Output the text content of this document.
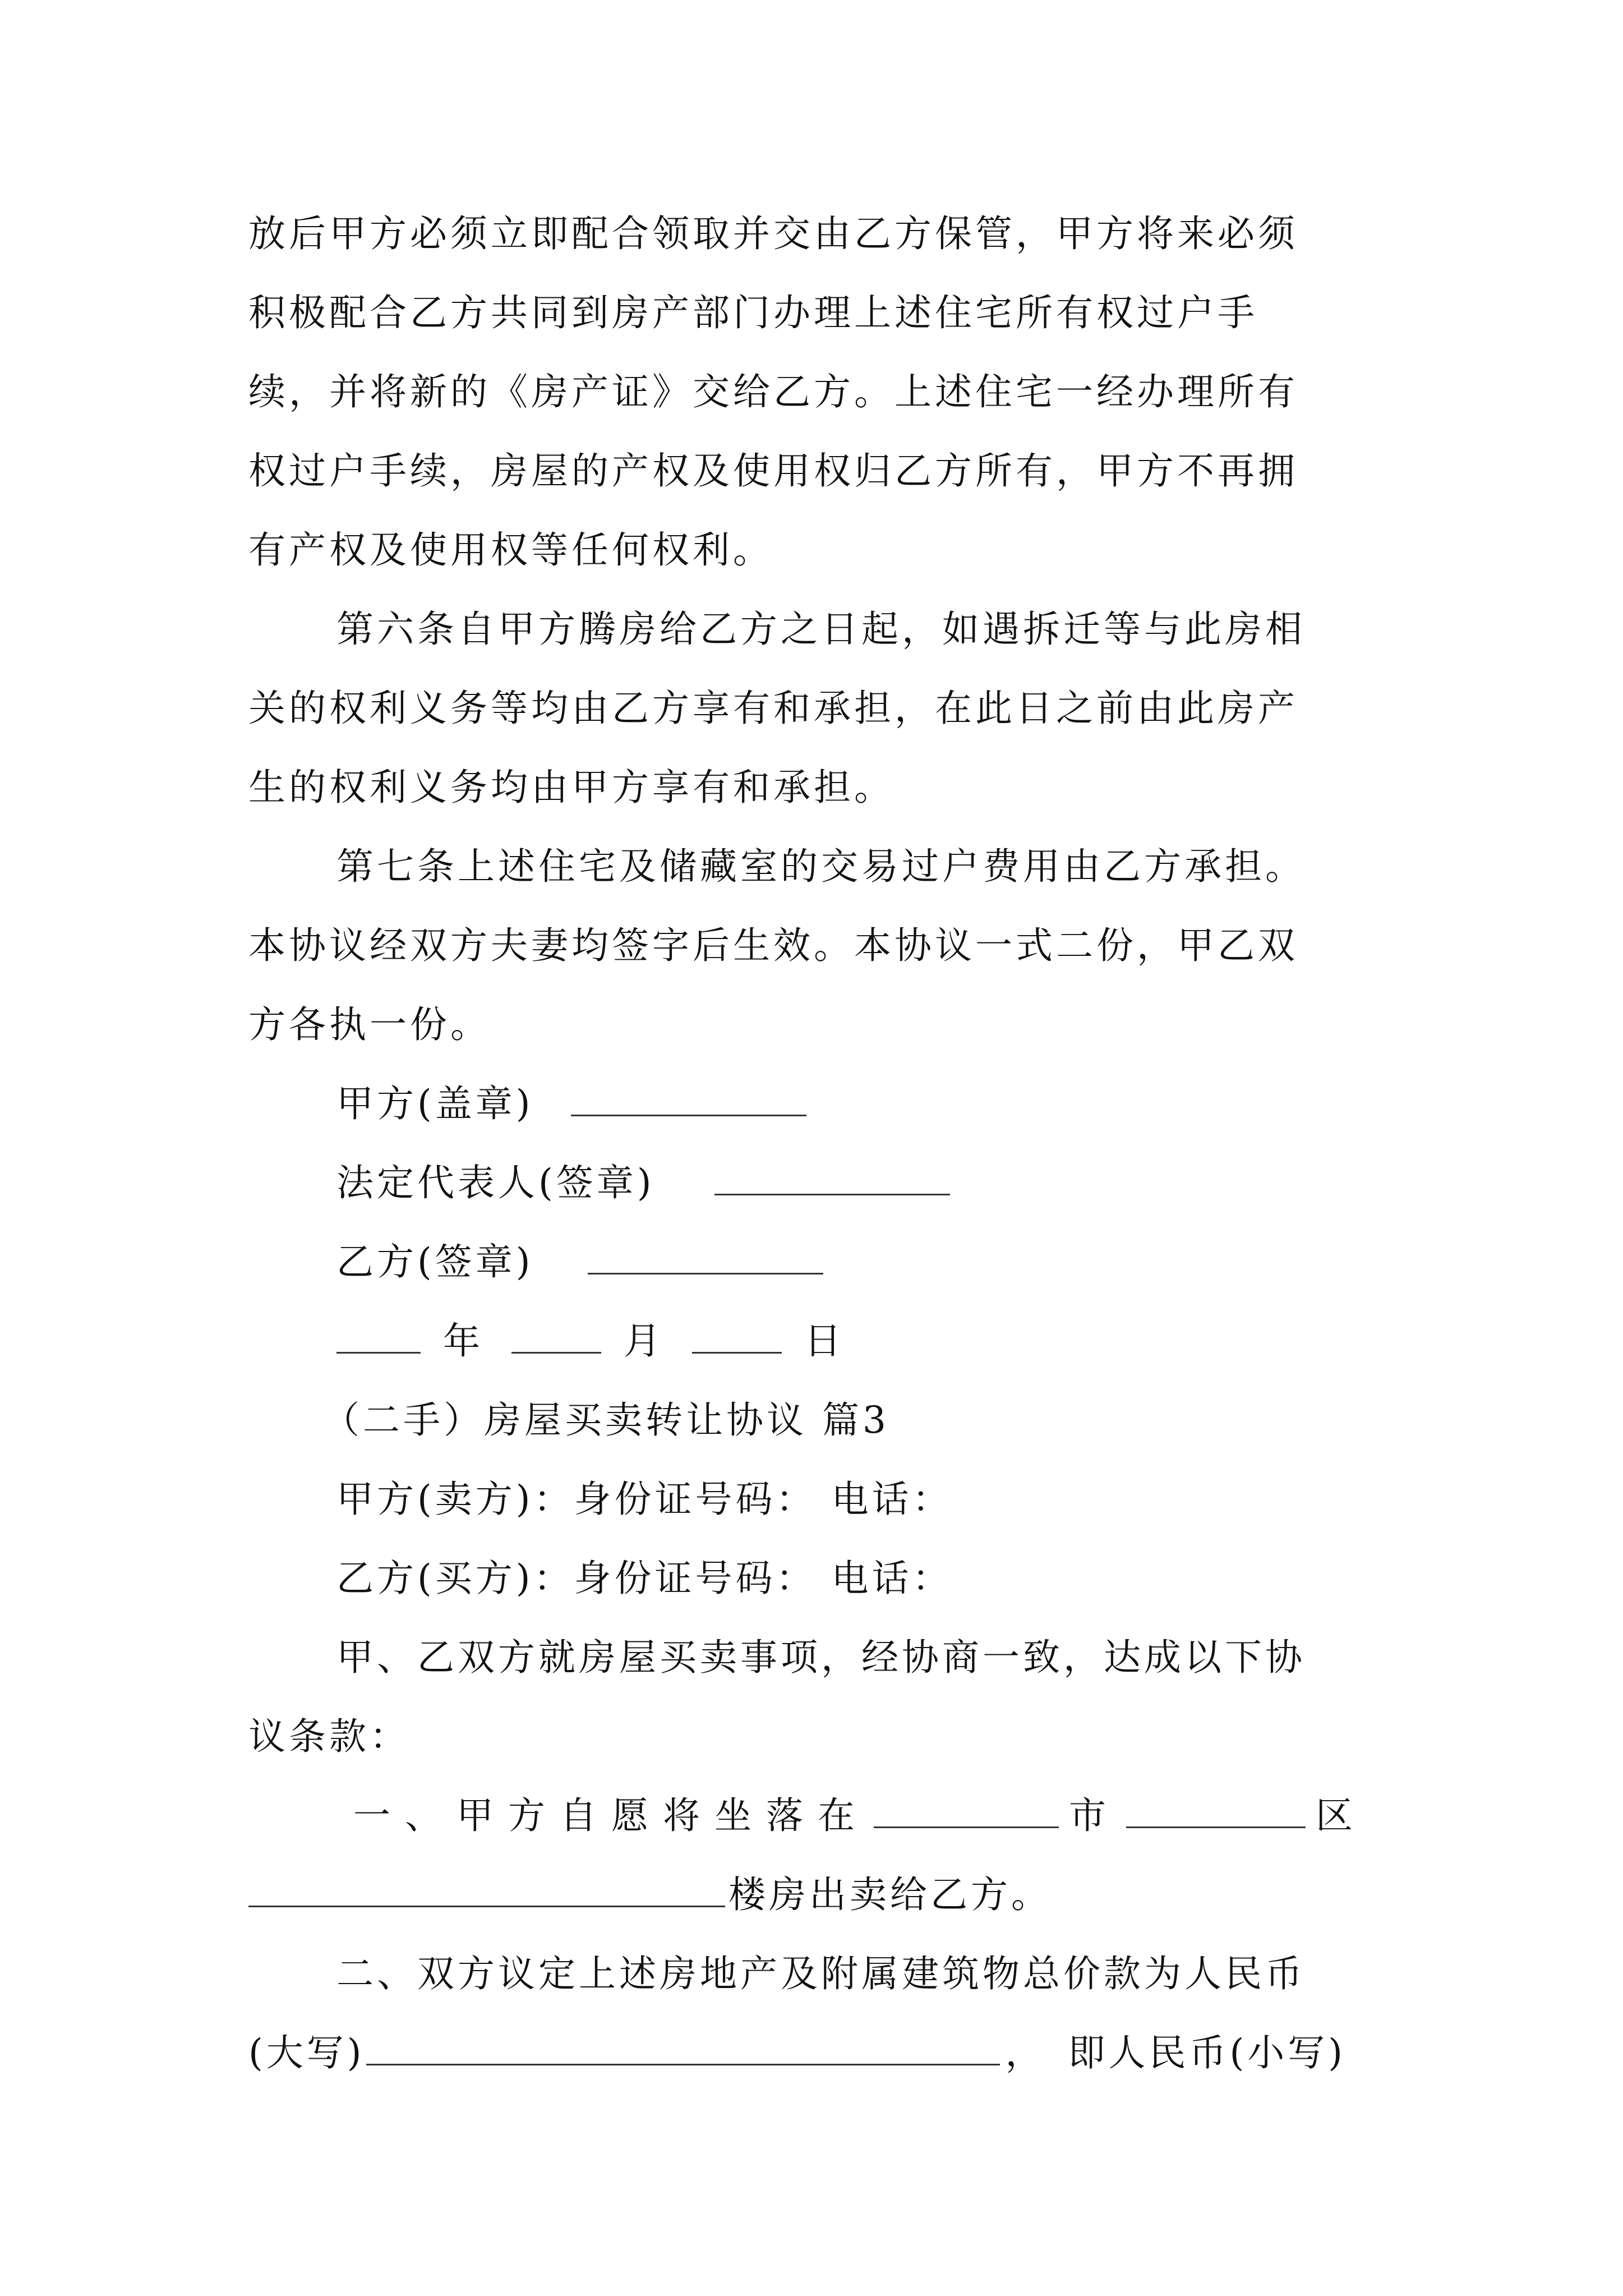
放后甲方必须立即配合领取并交由乙方保管，甲方将来必须
积极配合乙方共同到房产部门办理上述住宅所有权过户手
续，并将新的《房产证》交给乙方。上述住宅一经办理所有
权过户手续，房屋的产权及使用权归乙方所有，甲方不再拥
有产权及使用权等任何权利。
第六条自甲方腾房给乙方之日起，如遇拆迁等与此房相
关的权利义务等均由乙方享有和承担，在此日之前由此房产
生的权利义务均由甲方享有和承担。
第七条上述住宅及储藏室的交易过户费用由乙方承担。
本协议经双方夫妻均签字后生效。本协议一式二份，甲乙双
方各执一份。
甲方(盖章)
法定代表人(签章)
乙方(签章)
年	月	日
（二手）房屋买卖转让协议 篇3
甲方(卖方)：身份证号码： 电话：
乙方(买方)：身份证号码： 电话：
甲、乙双方就房屋买卖事项，经协商一致，达成以下协
议条款：
一、甲方自愿将坐落在	市	区
楼房出卖给乙方。
二、双方议定上述房地产及附属建筑物总价款为人民币
(大写)	， 即人民币(小写)
